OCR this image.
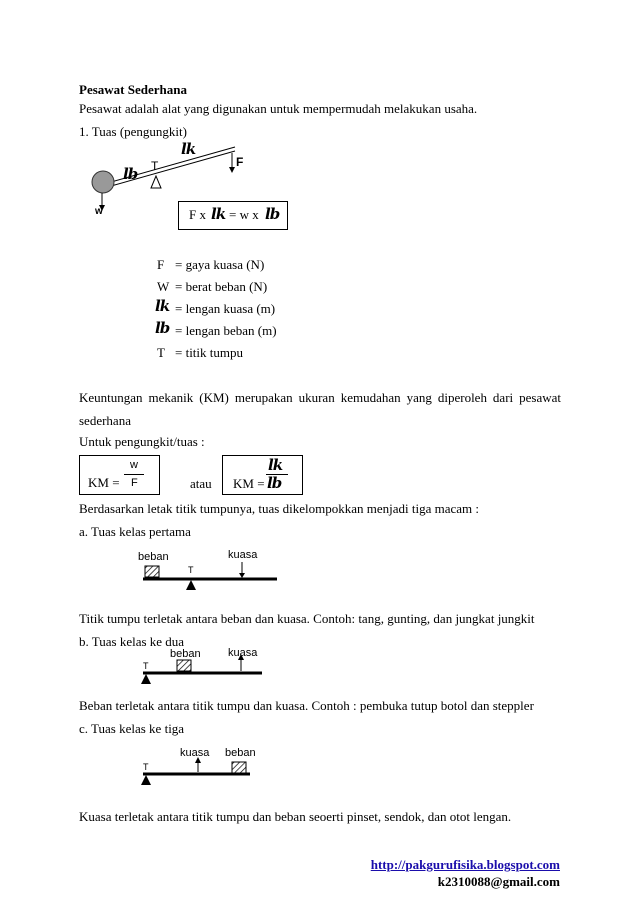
Pesawat Sederhana
Pesawat adalah alat yang digunakan untuk mempermudah melakukan usaha.
1. Tuas (pengungkit)
w
T	F
lb
lk
F x lk = w x lb
F = gaya kuasa (N)
W = berat beban (N)
lk = lengan kuasa (m)
lb = lengan beban (m)
T = titik tumpu
Keuntungan mekanik (KM) merupakan ukuran kemudahan yang diperoleh dari pesawat
sederhana
Untuk pengungkit/tuas :
KM =
w
F	atau KM =
lk
lb
Berdasarkan letak titik tumpunya, tuas dikelompokkan menjadi tiga macam :
a. Tuas kelas pertama
beban	kuasa
T
Titik tumpu terletak antara beban dan kuasa. Contoh: tang, gunting, dan jungkat jungkit
b. Tuas kelas ke dua
beban kuasa
T
Beban terletak antara titik tumpu dan kuasa. Contoh : pembuka tutup botol dan steppler
c. Tuas kelas ke tiga
kuasa beban
T
Kuasa terletak antara titik tumpu dan beban seoerti pinset, sendok, dan otot lengan.
http://pakgurufisika.blogspot.com
k2310088@gmail.com
